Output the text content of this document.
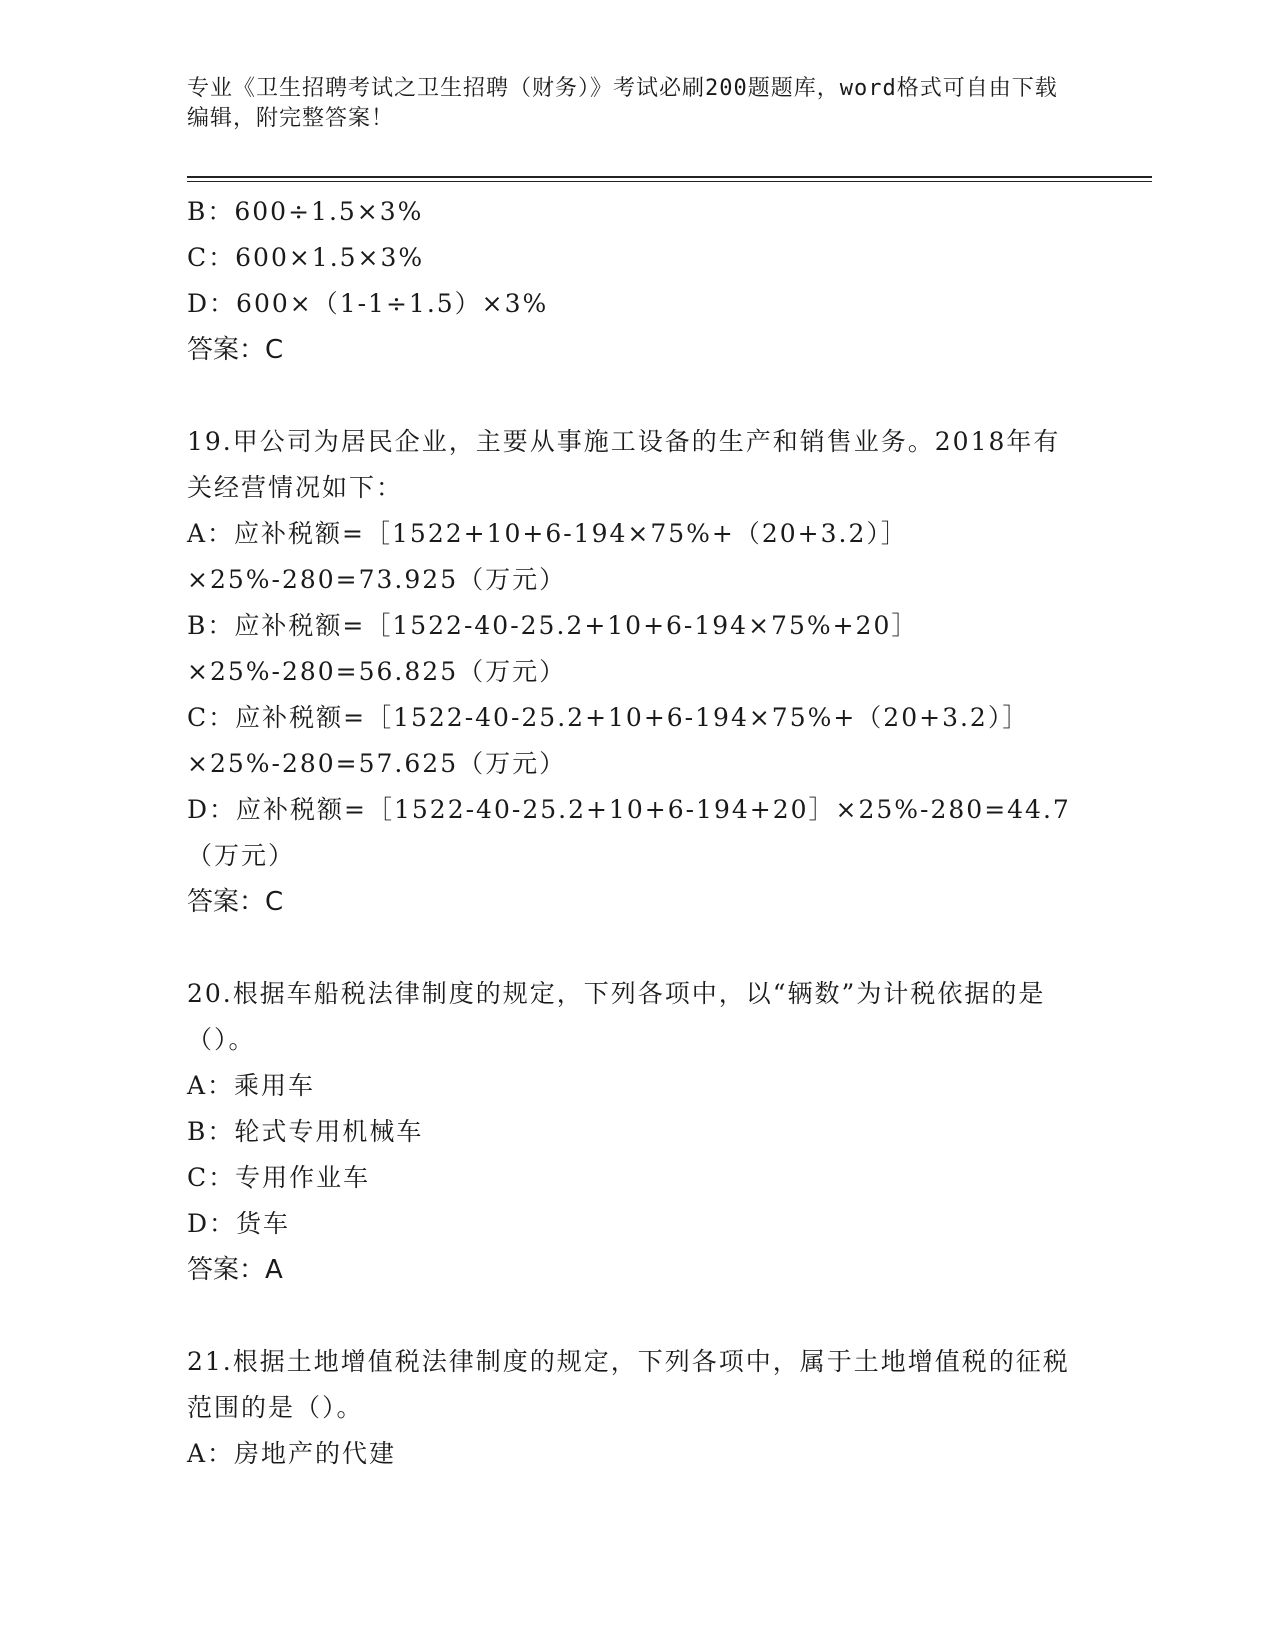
专业《卫生招聘考试之卫生招聘（财务）》考试必刷200题题库，word格式可自由下载编辑，附完整答案！

B：600÷1.5×3%

C：600×1.5×3%

D：600×（1-1÷1.5）×3%

答案：C

19.甲公司为居民企业，主要从事施工设备的生产和销售业务。2018年有关经营情况如下：

A：应补税额=［1522+10+6-194×75%+（20+3.2）］×25%-280=73.925（万元）

B：应补税额=［1522-40-25.2+10+6-194×75%+20］×25%-280=56.825（万元）

C：应补税额=［1522-40-25.2+10+6-194×75%+（20+3.2）］×25%-280=57.625（万元）

D：应补税额=［1522-40-25.2+10+6-194+20］×25%-280=44.7（万元）

答案：C

20.根据车船税法律制度的规定，下列各项中，以“辆数”为计税依据的是（）。

A：乘用车

B：轮式专用机械车

C：专用作业车

D：货车

答案：A

21.根据土地增值税法律制度的规定，下列各项中，属于土地增值税的征税范围的是（）。

A：房地产的代建
